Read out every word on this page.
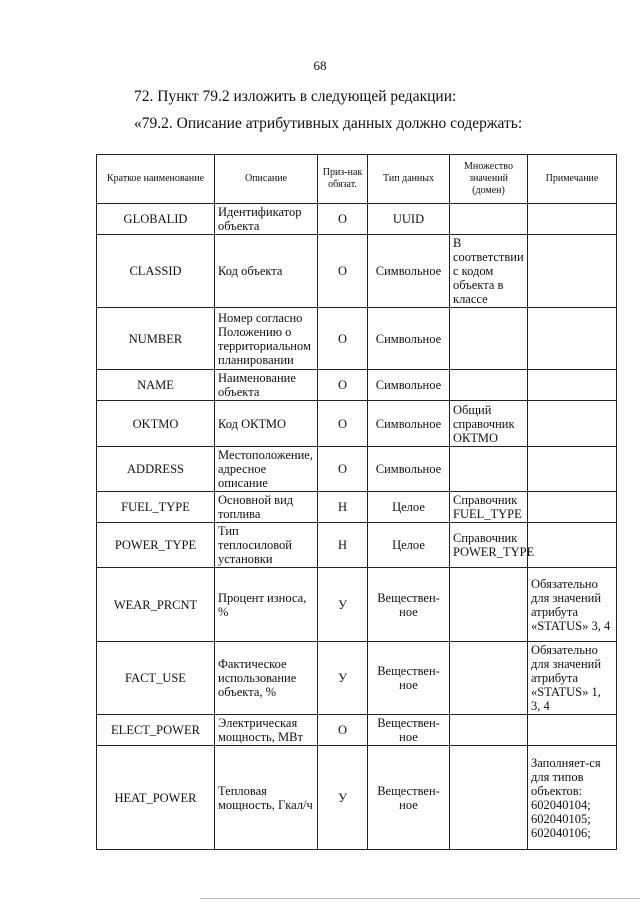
68
72. Пункт 79.2 изложить в следующей редакции:
«79.2. Описание атрибутивных данных должно содержать:
Краткое наименование	Описание	Приз-нак обязат.	Тип данных	Множество значений (домен)	Примечание
GLOBALID	Идентификатор объекта	О	UUID		
CLASSID	Код объекта	О	Символьное	В соответствии с кодом объекта в классе	
NUMBER	Номер согласно Положению о территориальном планировании	О	Символьное		
NAME	Наименование объекта	О	Символьное		
OKTMO	Код ОКТМО	О	Символьное	Общий справочник ОКТМО	
ADDRESS	Местоположение, адресное описание	О	Символьное		
FUEL_TYPE	Основной вид топлива	Н	Целое	Справочник FUEL_TYPE	
POWER_TYPE	Тип теплосиловой установки	Н	Целое	Справочник POWER_TYPE	
WEAR_PRCNT	Процент износа, %	У	Веществен-ное		Обязательно для значений атрибута «STATUS» 3, 4
FACT_USE	Фактическое использование объекта, %	У	Веществен-ное		Обязательно для значений атрибута «STATUS» 1, 3, 4
ELECT_POWER	Электрическая мощность, МВт	О	Веществен-ное		
HEAT_POWER	Тепловая мощность, Гкал/ч	У	Веществен-ное		Заполняет-ся для типов объектов: 602040104; 602040105; 602040106;
